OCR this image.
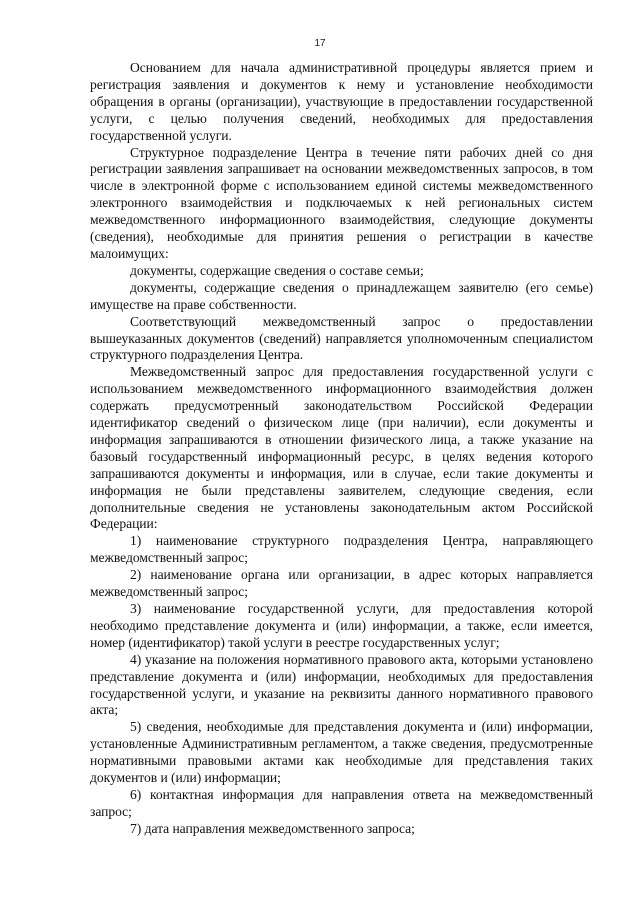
17

Основанием для начала административной процедуры является прием и регистрация заявления и документов к нему и установление необходимости обращения в органы (организации), участвующие в предоставлении государственной услуги, с целью получения сведений, необходимых для предоставления государственной услуги.

Структурное подразделение Центра в течение пяти рабочих дней со дня регистрации заявления запрашивает на основании межведомственных запросов, в том числе в электронной форме с использованием единой системы межведомственного электронного взаимодействия и подключаемых к ней региональных систем межведомственного информационного взаимодействия, следующие документы (сведения), необходимые для принятия решения о регистрации в качестве малоимущих:

документы, содержащие сведения о составе семьи;

документы, содержащие сведения о принадлежащем заявителю (его семье) имуществе на праве собственности.

Соответствующий межведомственный запрос о предоставлении вышеуказанных документов (сведений) направляется уполномоченным специалистом структурного подразделения Центра.

Межведомственный запрос для предоставления государственной услуги с использованием межведомственного информационного взаимодействия должен содержать предусмотренный законодательством Российской Федерации идентификатор сведений о физическом лице (при наличии), если документы и информация запрашиваются в отношении физического лица, а также указание на базовый государственный информационный ресурс, в целях ведения которого запрашиваются документы и информация, или в случае, если такие документы и информация не были представлены заявителем, следующие сведения, если дополнительные сведения не установлены законодательным актом Российской Федерации:

1) наименование структурного подразделения Центра, направляющего межведомственный запрос;

2) наименование органа или организации, в адрес которых направляется межведомственный запрос;

3) наименование государственной услуги, для предоставления которой необходимо представление документа и (или) информации, а также, если имеется, номер (идентификатор) такой услуги в реестре государственных услуг;

4) указание на положения нормативного правового акта, которыми установлено представление документа и (или) информации, необходимых для предоставления государственной услуги, и указание на реквизиты данного нормативного правового акта;

5) сведения, необходимые для представления документа и (или) информации, установленные Административным регламентом, а также сведения, предусмотренные нормативными правовыми актами как необходимые для представления таких документов и (или) информации;

6) контактная информация для направления ответа на межведомственный запрос;

7) дата направления межведомственного запроса;
